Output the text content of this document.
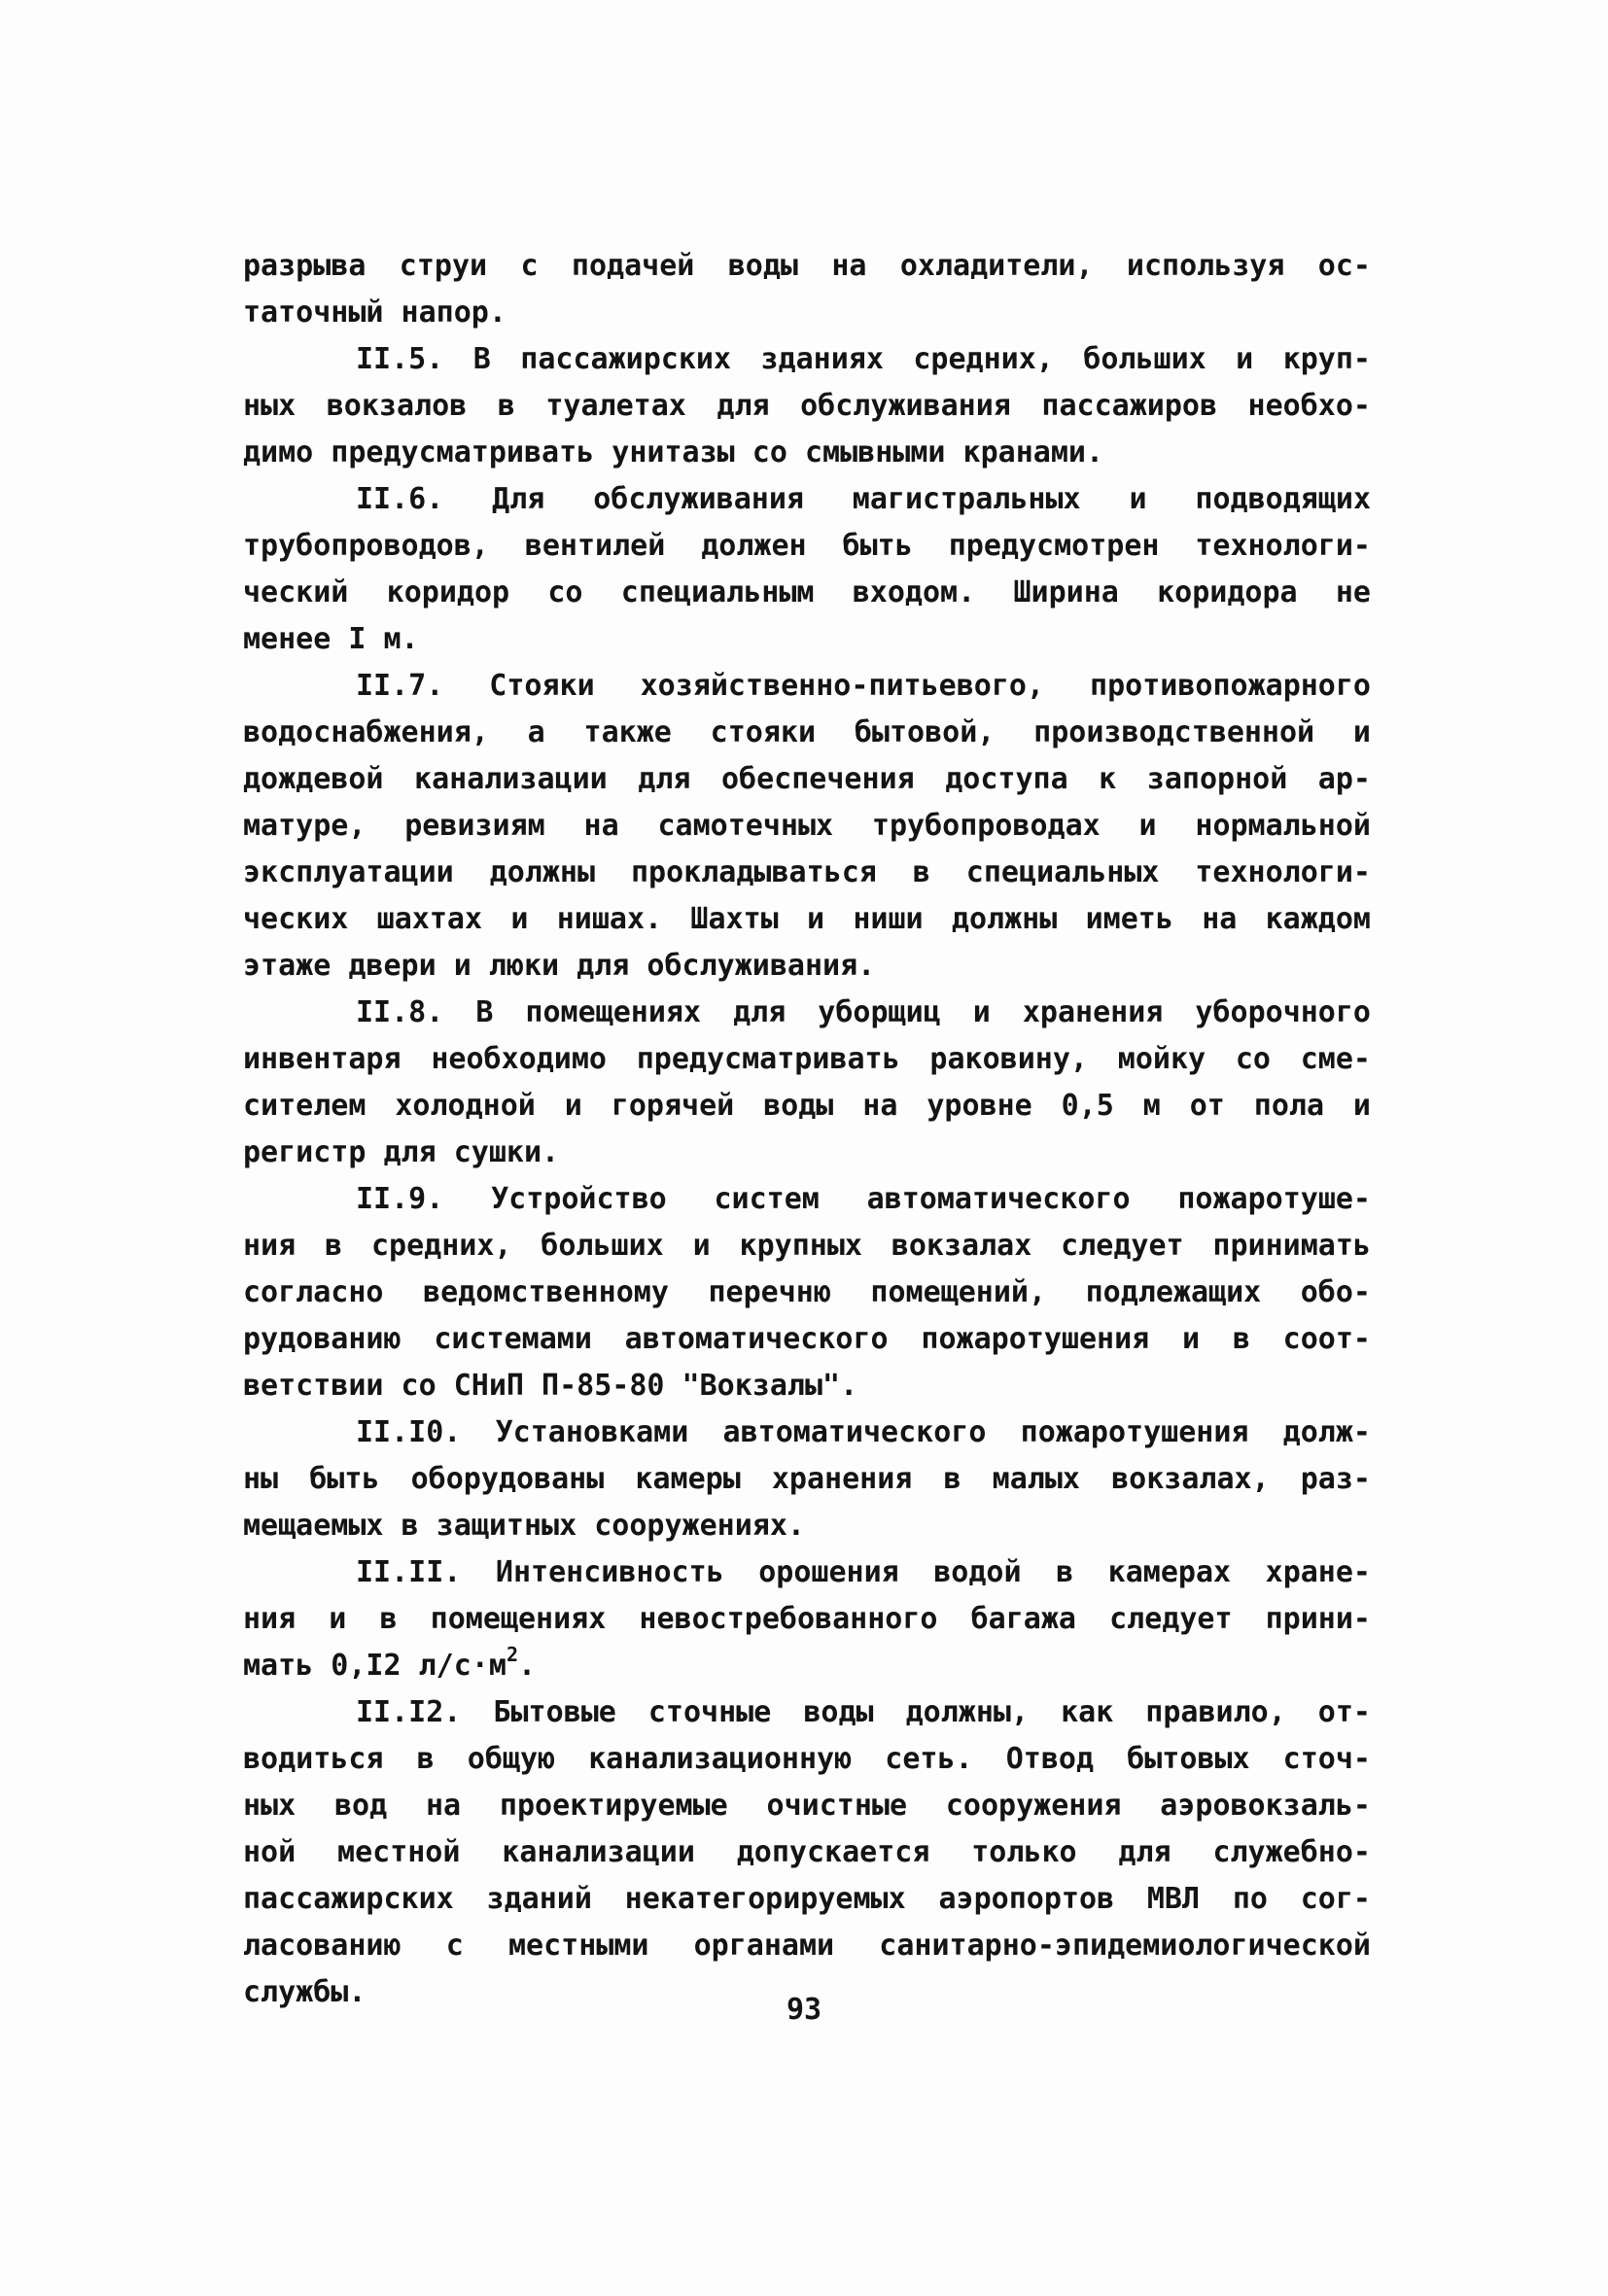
разрыва струи с подачей воды на охладители, используя ос-
таточный напор.
II.5. В пассажирских зданиях средних, больших и круп-
ных вокзалов в туалетах для обслуживания пассажиров необхо-
димо предусматривать унитазы со смывными кранами.
II.6. Для обслуживания магистральных и подводящих
трубопроводов, вентилей должен быть предусмотрен технологи-
ческий коридор со специальным входом. Ширина коридора не
менее I м.
II.7. Стояки хозяйственно-питьевого, противопожарного
водоснабжения, а также стояки бытовой, производственной и
дождевой канализации для обеспечения доступа к запорной ар-
матуре, ревизиям на самотечных трубопроводах и нормальной
эксплуатации должны прокладываться в специальных технологи-
ческих шахтах и нишах. Шахты и ниши должны иметь на каждом
этаже двери и люки для обслуживания.
II.8. В помещениях для уборщиц и хранения уборочного
инвентаря необходимо предусматривать раковину, мойку со сме-
сителем холодной и горячей воды на уровне 0,5 м от пола и
регистр для сушки.
II.9. Устройство систем автоматического пожаротуше-
ния в средних, больших и крупных вокзалах следует принимать
согласно ведомственному перечню помещений, подлежащих обо-
рудованию системами автоматического пожаротушения и в соот-
ветствии со СНиП П-85-80 "Вокзалы".
II.I0. Установками автоматического пожаротушения долж-
ны быть оборудованы камеры хранения в малых вокзалах, раз-
мещаемых в защитных сооружениях.
II.II. Интенсивность орошения водой в камерах хране-
ния и в помещениях невостребованного багажа следует прини-
мать 0,I2 $л/с\cdot м^2$.
II.I2. Бытовые сточные воды должны, как правило, от-
водиться в общую канализационную сеть. Отвод бытовых сточ-
ных вод на проектируемые очистные сооружения аэровокзаль-
ной местной канализации допускается только для служебно-
пассажирских зданий некатегорируемых аэропортов МВЛ по сог-
ласованию с местными органами санитарно-эпидемиологической
службы.
93
